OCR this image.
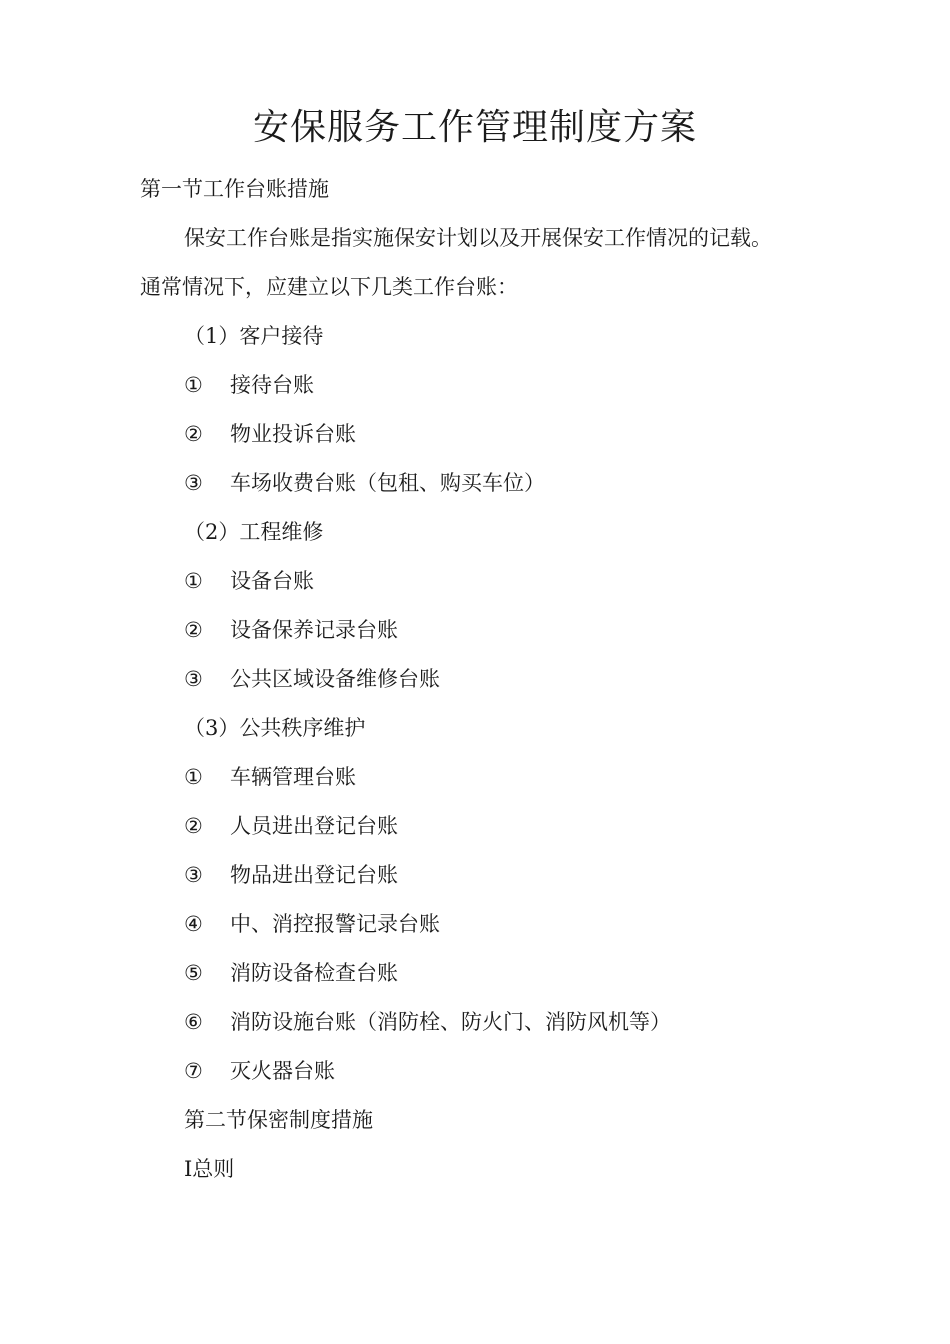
安保服务工作管理制度方案
第一节工作台账措施
保安工作台账是指实施保安计划以及开展保安工作情况的记载。
通常情况下，应建立以下几类工作台账：
（1）客户接待
① 接待台账
② 物业投诉台账
③ 车场收费台账（包租、购买车位）
（2）工程维修
① 设备台账
② 设备保养记录台账
③ 公共区域设备维修台账
（3）公共秩序维护
① 车辆管理台账
② 人员进出登记台账
③ 物品进出登记台账
④ 中、消控报警记录台账
⑤ 消防设备检查台账
⑥ 消防设施台账（消防栓、防火门、消防风机等）
⑦ 灭火器台账
第二节保密制度措施
I总则
